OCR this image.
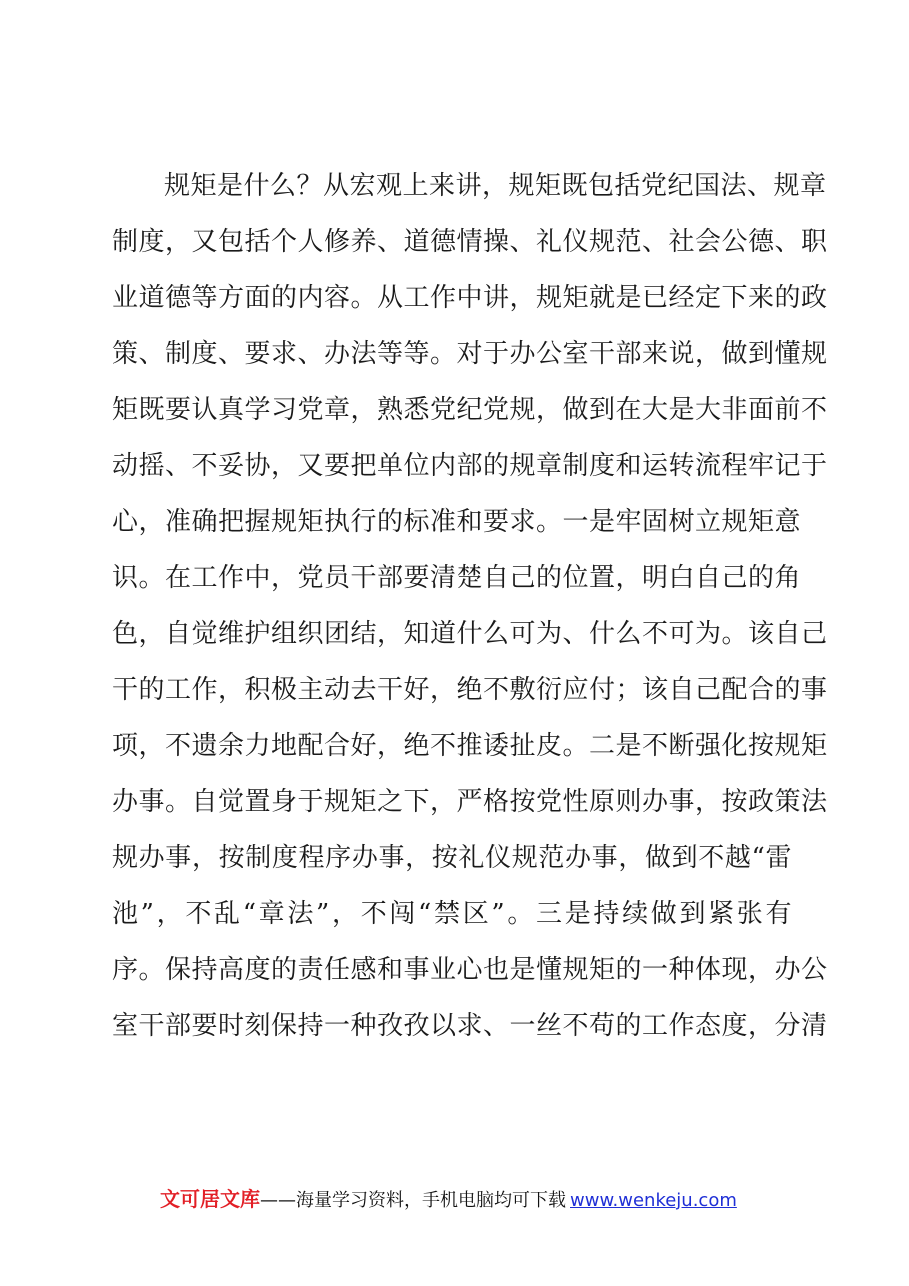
规矩是什么？从宏观上来讲，规矩既包括党纪国法、规章
制度，又包括个人修养、道德情操、礼仪规范、社会公德、职
业道德等方面的内容。从工作中讲，规矩就是已经定下来的政
策、制度、要求、办法等等。对于办公室干部来说，做到懂规
矩既要认真学习党章，熟悉党纪党规，做到在大是大非面前不
动摇、不妥协，又要把单位内部的规章制度和运转流程牢记于
心，准确把握规矩执行的标准和要求。一是牢固树立规矩意
识。在工作中，党员干部要清楚自己的位置，明白自己的角
色，自觉维护组织团结，知道什么可为、什么不可为。该自己
干的工作，积极主动去干好，绝不敷衍应付；该自己配合的事
项，不遗余力地配合好，绝不推诿扯皮。二是不断强化按规矩
办事。自觉置身于规矩之下，严格按党性原则办事，按政策法
规办事，按制度程序办事，按礼仪规范办事，做到不越“雷
池”，不乱“章法”，不闯“禁区”。三是持续做到紧张有
序。保持高度的责任感和事业心也是懂规矩的一种体现，办公
室干部要时刻保持一种孜孜以求、一丝不苟的工作态度，分清
文可居文库 ——海量学习资料，手机电脑均可下载 www.wenkeju.com
